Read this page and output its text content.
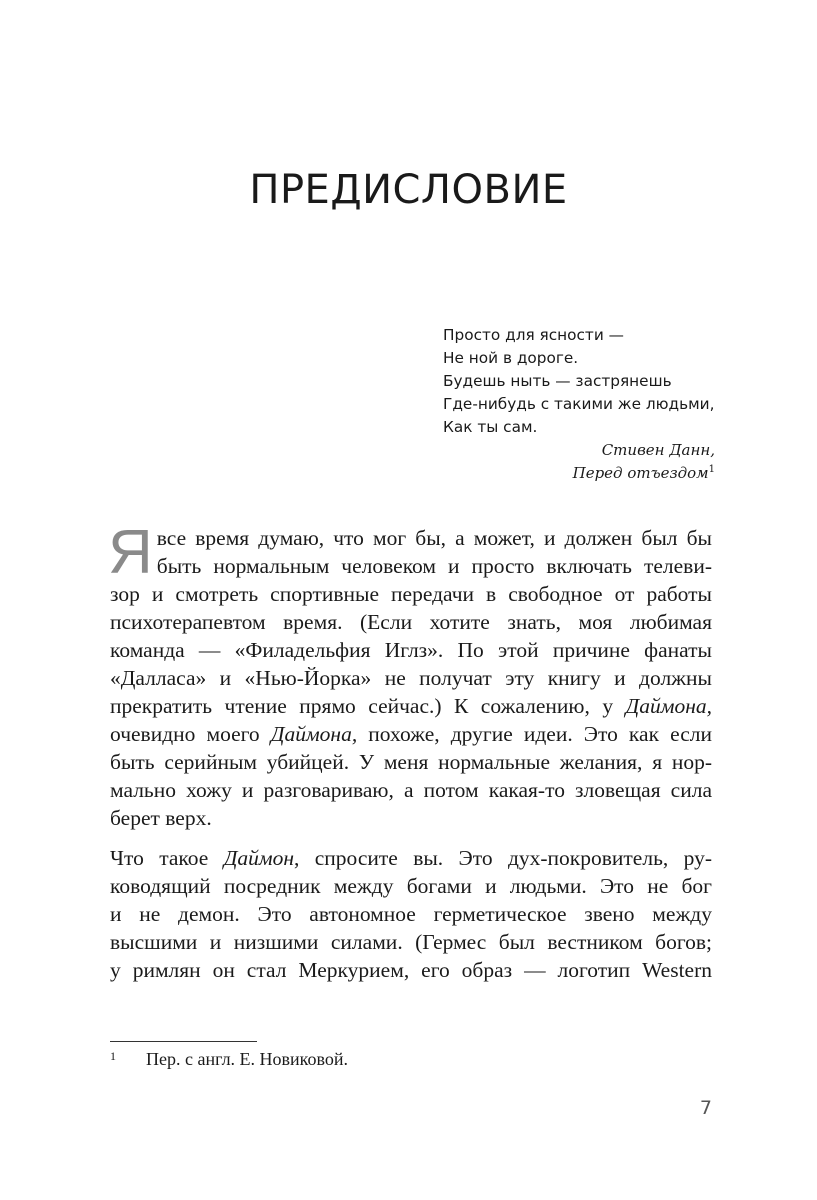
ПРЕДИСЛОВИЕ
Просто для ясности —
Не ной в дороге.
Будешь ныть — застрянешь
Где-нибудь с такими же людьми,
Как ты сам.
Стивен Данн,
Перед отъездом$^1$

Я все время думаю, что мог бы, а может, и должен был бы
быть нормальным человеком и просто включать телеви-
зор и смотреть спортивные передачи в свободное от работы
психотерапевтом время. (Если хотите знать, моя любимая
команда — «Филадельфия Иглз». По этой причине фанаты
«Далласа» и «Нью-Йорка» не получат эту книгу и должны
прекратить чтение прямо сейчас.) К сожалению, у Даймона,
очевидно моего Даймона, похоже, другие идеи. Это как если
быть серийным убийцей. У меня нормальные желания, я нор-
мально хожу и разговариваю, а потом какая-то зловещая сила
берет верх.

Что такое Даймон, спросите вы. Это дух-покровитель, ру-
ководящий посредник между богами и людьми. Это не бог
и не демон. Это автономное герметическое звено между
высшими и низшими силами. (Гермес был вестником богов;
у римлян он стал Меркурием, его образ — логотип Western

1 Пер. с англ. Е. Новиковой.
7
